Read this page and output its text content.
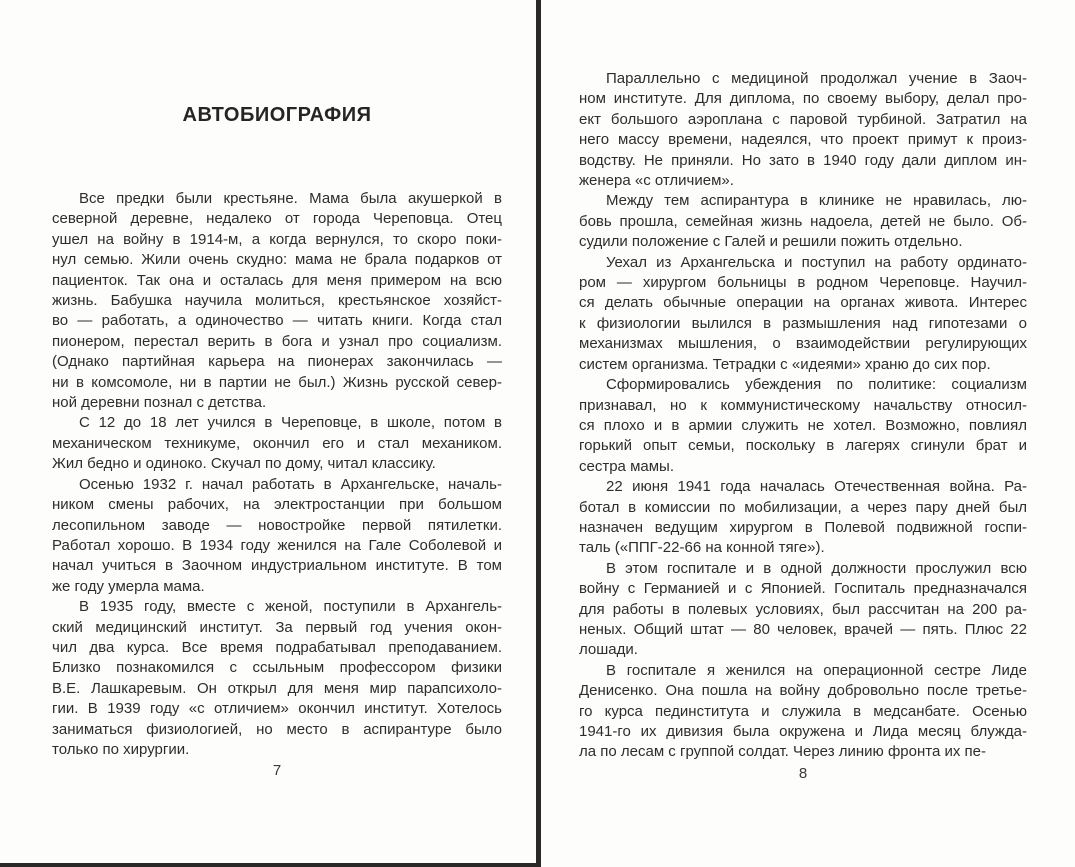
АВТОБИОГРАФИЯ
Все предки были крестьяне. Мама была акушеркой в
северной деревне, недалеко от города Череповца. Отец
ушел на войну в 1914-м, а когда вернулся, то скоро поки-
нул семью. Жили очень скудно: мама не брала подарков от
пациенток. Так она и осталась для меня примером на всю
жизнь. Бабушка научила молиться, крестьянское хозяйст-
во — работать, а одиночество — читать книги. Когда стал
пионером, перестал верить в бога и узнал про социализм.
(Однако партийная карьера на пионерах закончилась —
ни в комсомоле, ни в партии не был.) Жизнь русской север-
ной деревни познал с детства.
С 12 до 18 лет учился в Череповце, в школе, потом в
механическом техникуме, окончил его и стал механиком.
Жил бедно и одиноко. Скучал по дому, читал классику.
Осенью 1932 г. начал работать в Архангельске, началь-
ником смены рабочих, на электростанции при большом
лесопильном заводе — новостройке первой пятилетки.
Работал хорошо. В 1934 году женился на Гале Соболевой и
начал учиться в Заочном индустриальном институте. В том
же году умерла мама.
В 1935 году, вместе с женой, поступили в Архангель-
ский медицинский институт. За первый год учения окон-
чил два курса. Все время подрабатывал преподаванием.
Близко познакомился с ссыльным профессором физики
В.Е. Лашкаревым. Он открыл для меня мир парапсихоло-
гии. В 1939 году «с отличием» окончил институт. Хотелось
заниматься физиологией, но место в аспирантуре было
только по хирургии.
7
Параллельно с медициной продолжал учение в Заоч-
ном институте. Для диплома, по своему выбору, делал про-
ект большого аэроплана с паровой турбиной. Затратил на
него массу времени, надеялся, что проект примут к произ-
водству. Не приняли. Но зато в 1940 году дали диплом ин-
женера «с отличием».
Между тем аспирантура в клинике не нравилась, лю-
бовь прошла, семейная жизнь надоела, детей не было. Об-
судили положение с Галей и решили пожить отдельно.
Уехал из Архангельска и поступил на работу ординато-
ром — хирургом больницы в родном Череповце. Научил-
ся делать обычные операции на органах живота. Интерес
к физиологии вылился в размышления над гипотезами о
механизмах мышления, о взаимодействии регулирующих
систем организма. Тетрадки с «идеями» храню до сих пор.
Сформировались убеждения по политике: социализм
признавал, но к коммунистическому начальству относил-
ся плохо и в армии служить не хотел. Возможно, повлиял
горький опыт семьи, поскольку в лагерях сгинули брат и
сестра мамы.
22 июня 1941 года началась Отечественная война. Ра-
ботал в комиссии по мобилизации, а через пару дней был
назначен ведущим хирургом в Полевой подвижной госпи-
таль («ППГ-22-66 на конной тяге»).
В этом госпитале и в одной должности прослужил всю
войну с Германией и с Японией. Госпиталь предназначался
для работы в полевых условиях, был рассчитан на 200 ра-
неных. Общий штат — 80 человек, врачей — пять. Плюс 22
лошади.
В госпитале я женился на операционной сестре Лиде
Денисенко. Она пошла на войну добровольно после третье-
го курса пединститута и служила в медсанбате. Осенью
1941-го их дивизия была окружена и Лида месяц блужда-
ла по лесам с группой солдат. Через линию фронта их пе-
8
